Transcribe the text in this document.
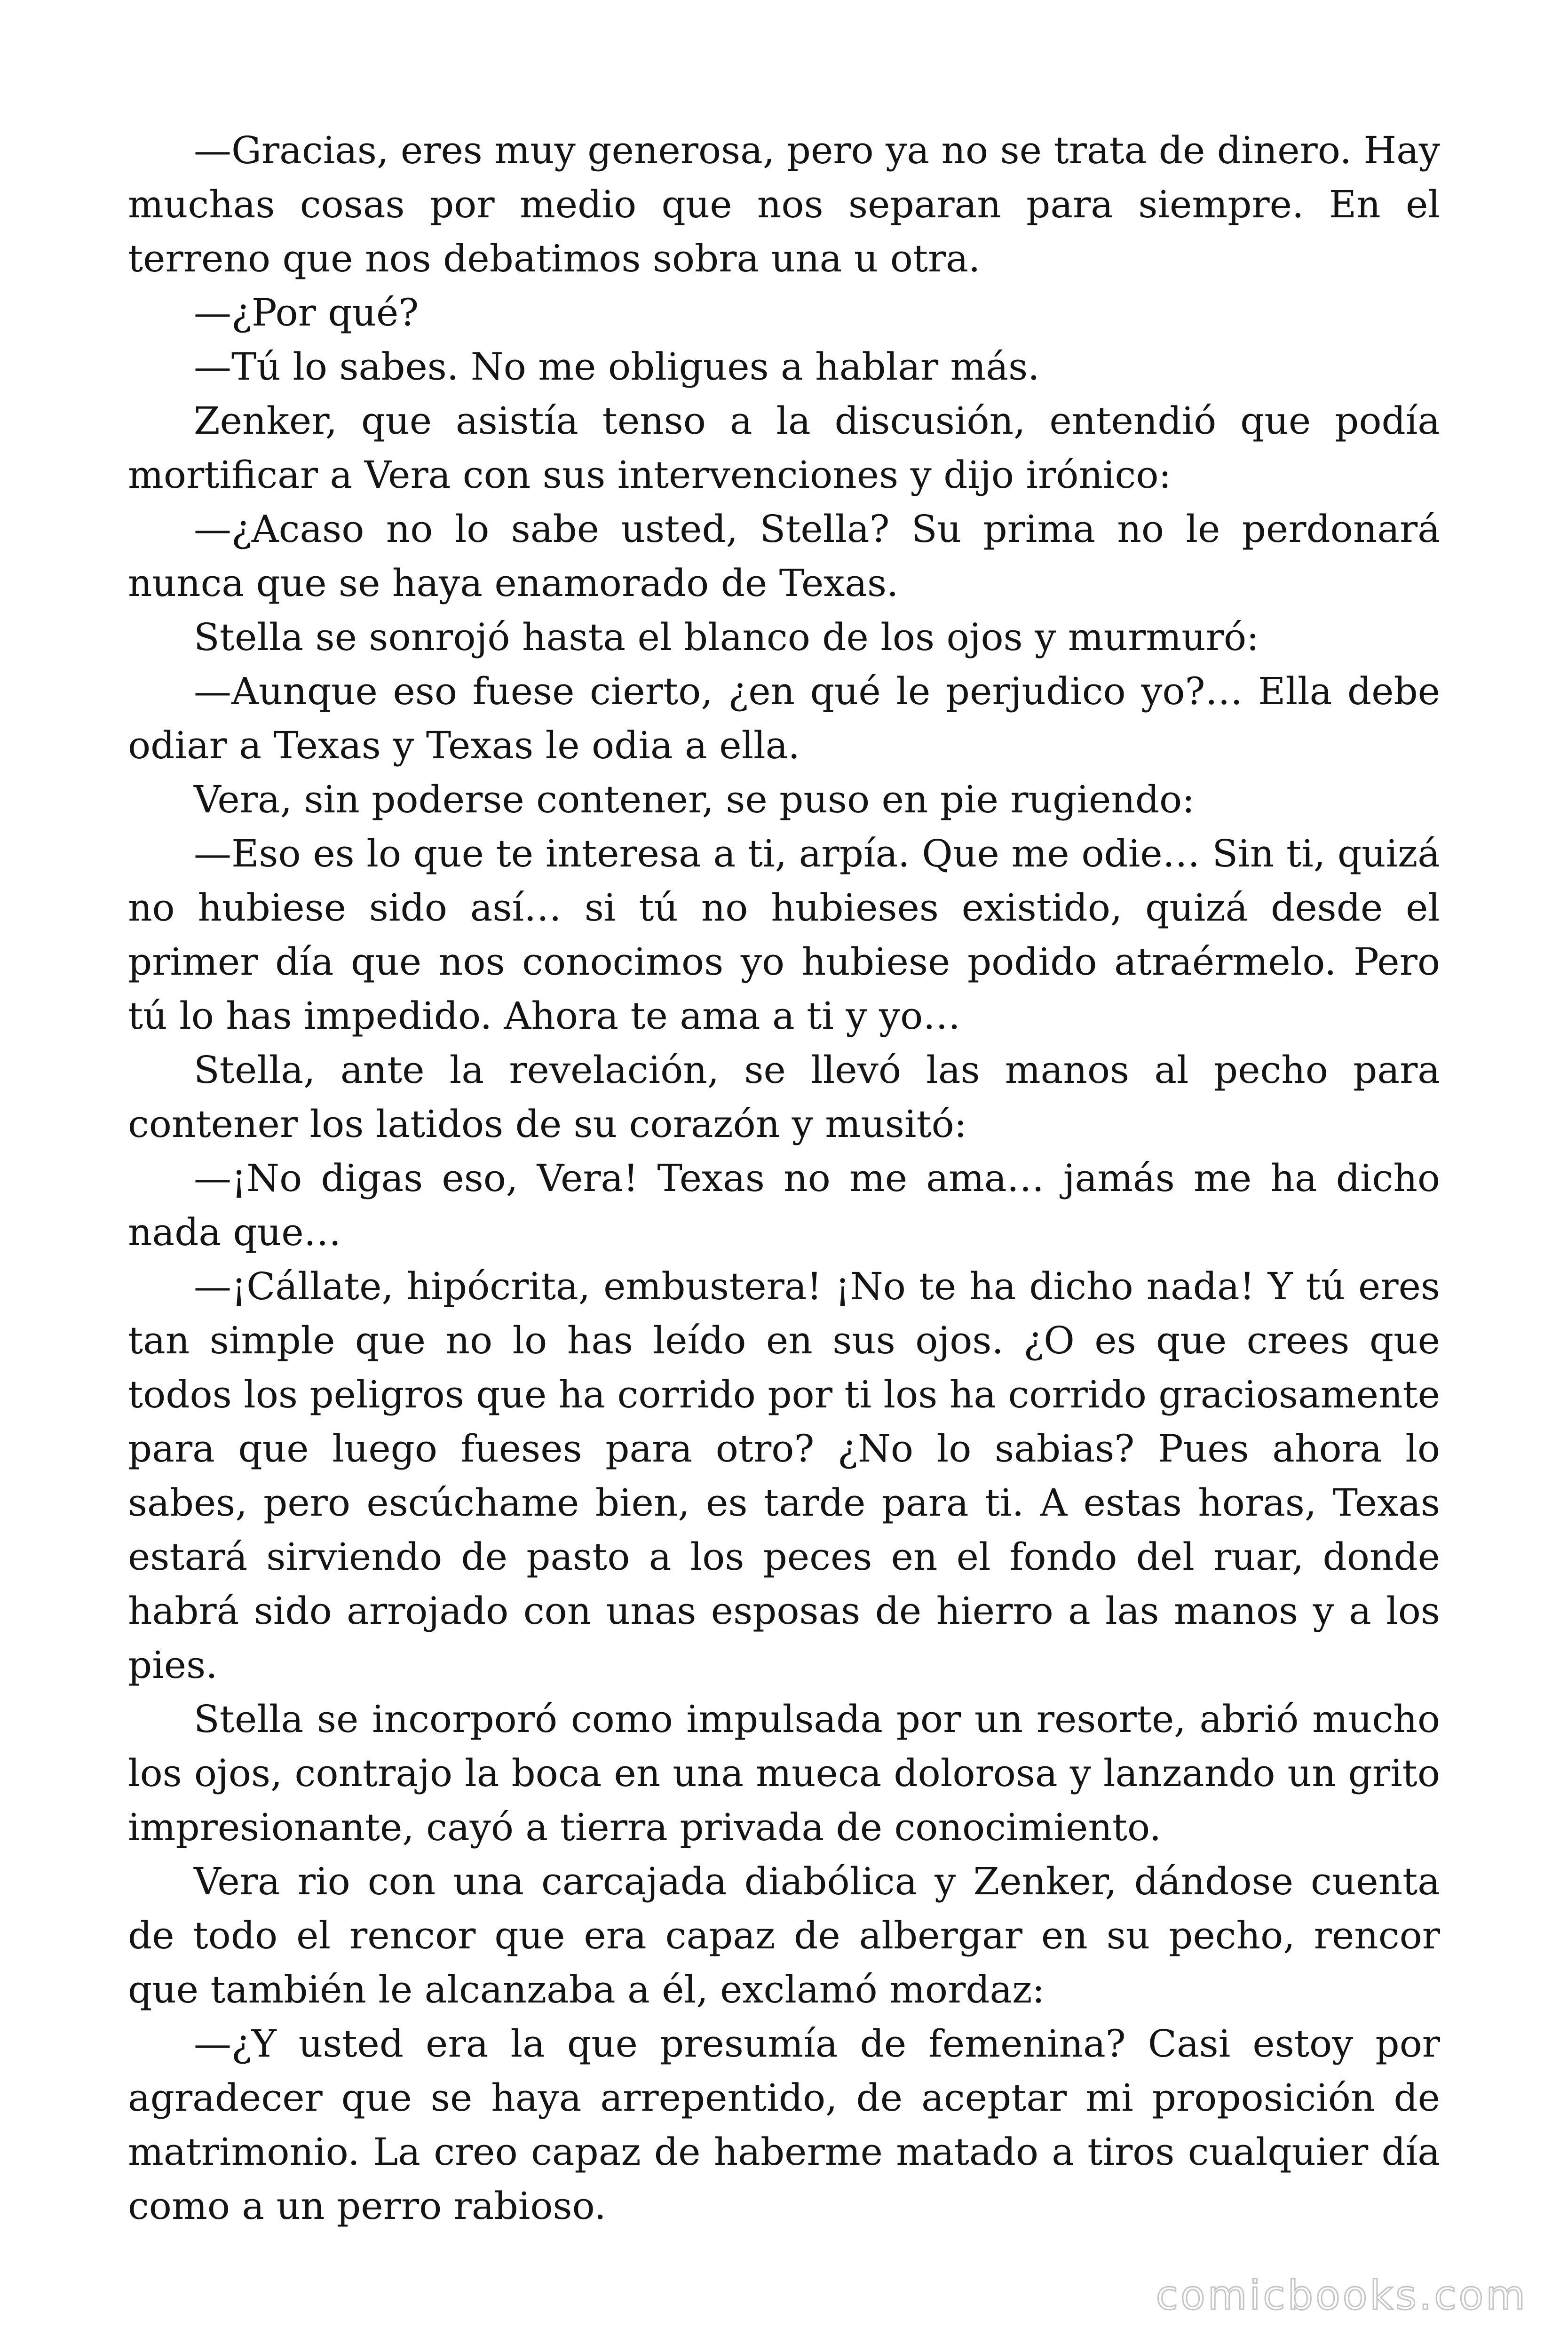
—Gracias, eres muy generosa, pero ya no se trata de dinero. Hay muchas cosas por medio que nos separan para siempre. En el terreno que nos debatimos sobra una u otra.

—¿Por qué?

—Tú lo sabes. No me obligues a hablar más.

Zenker, que asistía tenso a la discusión, entendió que podía mortificar a Vera con sus intervenciones y dijo irónico:

—¿Acaso no lo sabe usted, Stella? Su prima no le perdonará nunca que se haya enamorado de Texas.

Stella se sonrojó hasta el blanco de los ojos y murmuró:

—Aunque eso fuese cierto, ¿en qué le perjudico yo?… Ella debe odiar a Texas y Texas le odia a ella.

Vera, sin poderse contener, se puso en pie rugiendo:

—Eso es lo que te interesa a ti, arpía. Que me odie… Sin ti, quizá no hubiese sido así… si tú no hubieses existido, quizá desde el primer día que nos conocimos yo hubiese podido atraérmelo. Pero tú lo has impedido. Ahora te ama a ti y yo…

Stella, ante la revelación, se llevó las manos al pecho para contener los latidos de su corazón y musitó:

—¡No digas eso, Vera! Texas no me ama… jamás me ha dicho nada que…

—¡Cállate, hipócrita, embustera! ¡No te ha dicho nada! Y tú eres tan simple que no lo has leído en sus ojos. ¿O es que crees que todos los peligros que ha corrido por ti los ha corrido graciosamente para que luego fueses para otro? ¿No lo sabias? Pues ahora lo sabes, pero escúchame bien, es tarde para ti. A estas horas, Texas estará sirviendo de pasto a los peces en el fondo del ruar, donde habrá sido arrojado con unas esposas de hierro a las manos y a los pies.

Stella se incorporó como impulsada por un resorte, abrió mucho los ojos, contrajo la boca en una mueca dolorosa y lanzando un grito impresionante, cayó a tierra privada de conocimiento.

Vera rio con una carcajada diabólica y Zenker, dándose cuenta de todo el rencor que era capaz de albergar en su pecho, rencor que también le alcanzaba a él, exclamó mordaz:

—¿Y usted era la que presumía de femenina? Casi estoy por agradecer que se haya arrepentido, de aceptar mi proposición de matrimonio. La creo capaz de haberme matado a tiros cualquier día como a un perro rabioso.

comicbooks.com
